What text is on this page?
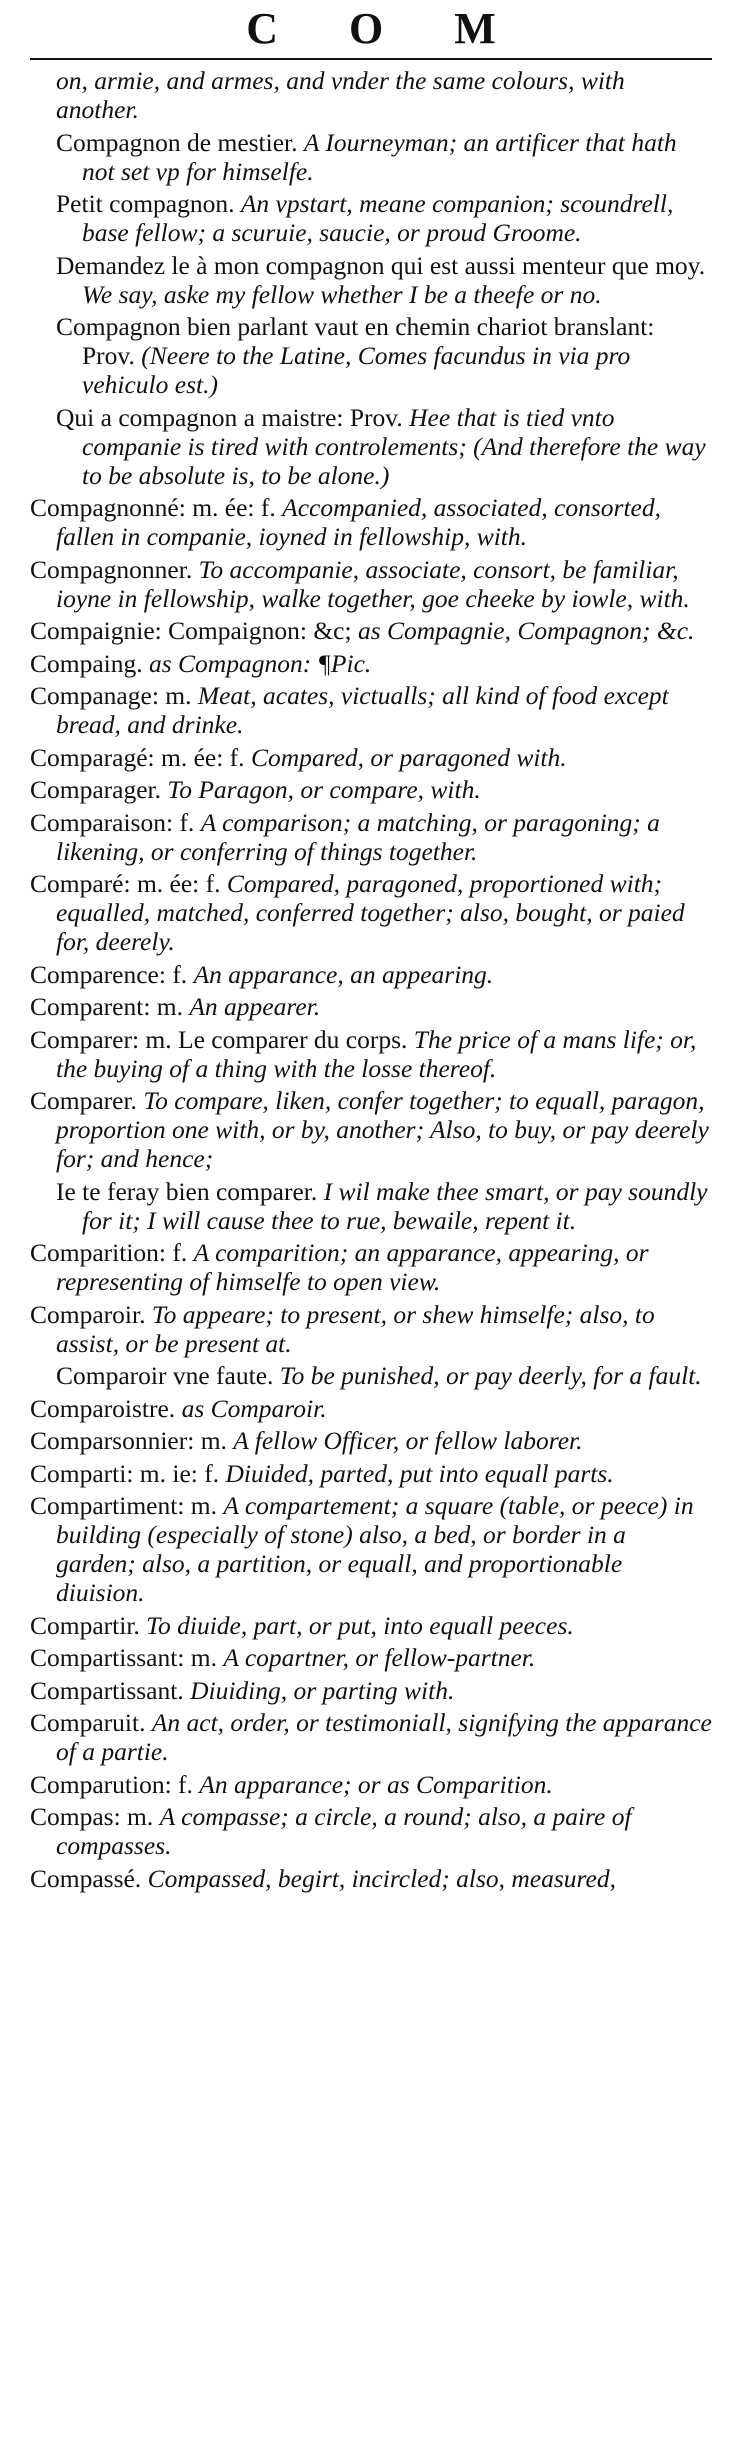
C O M
on, armie, and armes, and vnder the same colours, with another.
Compagnon de mestier. A Iourneyman; an artificer that hath not set vp for himselfe.
Petit compagnon. An vpstart, meane companion; scoundrell, base fellow; a scuruie, saucie, or proud Groome.
Demandez le à mon compagnon qui est aussi menteur que moy. We say, aske my fellow whether I be a theefe or no.
Compagnon bien parlant vaut en chemin chariot branslant: Prov. (Neere to the Latine, Comes facundus in via pro vehiculo est.)
Qui a compagnon a maistre: Prov. Hee that is tied vnto companie is tired with controlements; (And therefore the way to be absolute is, to be alone.)
Compagnonné: m. ée: f. Accompanied, associated, consorted, fallen in companie, ioyned in fellowship, with.
Compagnonner. To accompanie, associate, consort, be familiar, ioyne in fellowship, walke together, goe cheeke by iowle, with.
Compaignie: Compaignon: &c; as Compagnie, Compagnon; &c.
Compaing. as Compagnon: ¶Pic.
Companage: m. Meat, acates, victualls; all kind of food except bread, and drinke.
Comparagé: m. ée: f. Compared, or paragoned with.
Comparager. To Paragon, or compare, with.
Comparaison: f. A comparison; a matching, or paragoning; a likening, or conferring of things together.
Comparé: m. ée: f. Compared, paragoned, proportioned with; equalled, matched, conferred together; also, bought, or paied for, deerely.
Comparence: f. An apparance, an appearing.
Comparent: m. An appearer.
Comparer: m. Le comparer du corps. The price of a mans life; or, the buying of a thing with the losse thereof.
Comparer. To compare, liken, confer together; to equall, paragon, proportion one with, or by, another; Also, to buy, or pay deerely for; and hence;
Ie te feray bien comparer. I wil make thee smart, or pay soundly for it; I will cause thee to rue, bewaile, repent it.
Comparition: f. A comparition; an apparance, appearing, or representing of himselfe to open view.
Comparoir. To appeare; to present, or shew himselfe; also, to assist, or be present at.
Comparoir vne faute. To be punished, or pay deerly, for a fault.
Comparoistre. as Comparoir.
Comparsonnier: m. A fellow Officer, or fellow laborer.
Comparti: m. ie: f. Diuided, parted, put into equall parts.
Compartiment: m. A compartement; a square (table, or peece) in building (especially of stone) also, a bed, or border in a garden; also, a partition, or equall, and proportionable diuision.
Compartir. To diuide, part, or put, into equall peeces.
Compartissant: m. A copartner, or fellow-partner.
Compartissant. Diuiding, or parting with.
Comparuit. An act, order, or testimoniall, signifying the apparance of a partie.
Comparution: f. An apparance; or as Comparition.
Compas: m. A compasse; a circle, a round; also, a paire of compasses.
Compassé. Compassed, begirt, incircled; also, measured,
